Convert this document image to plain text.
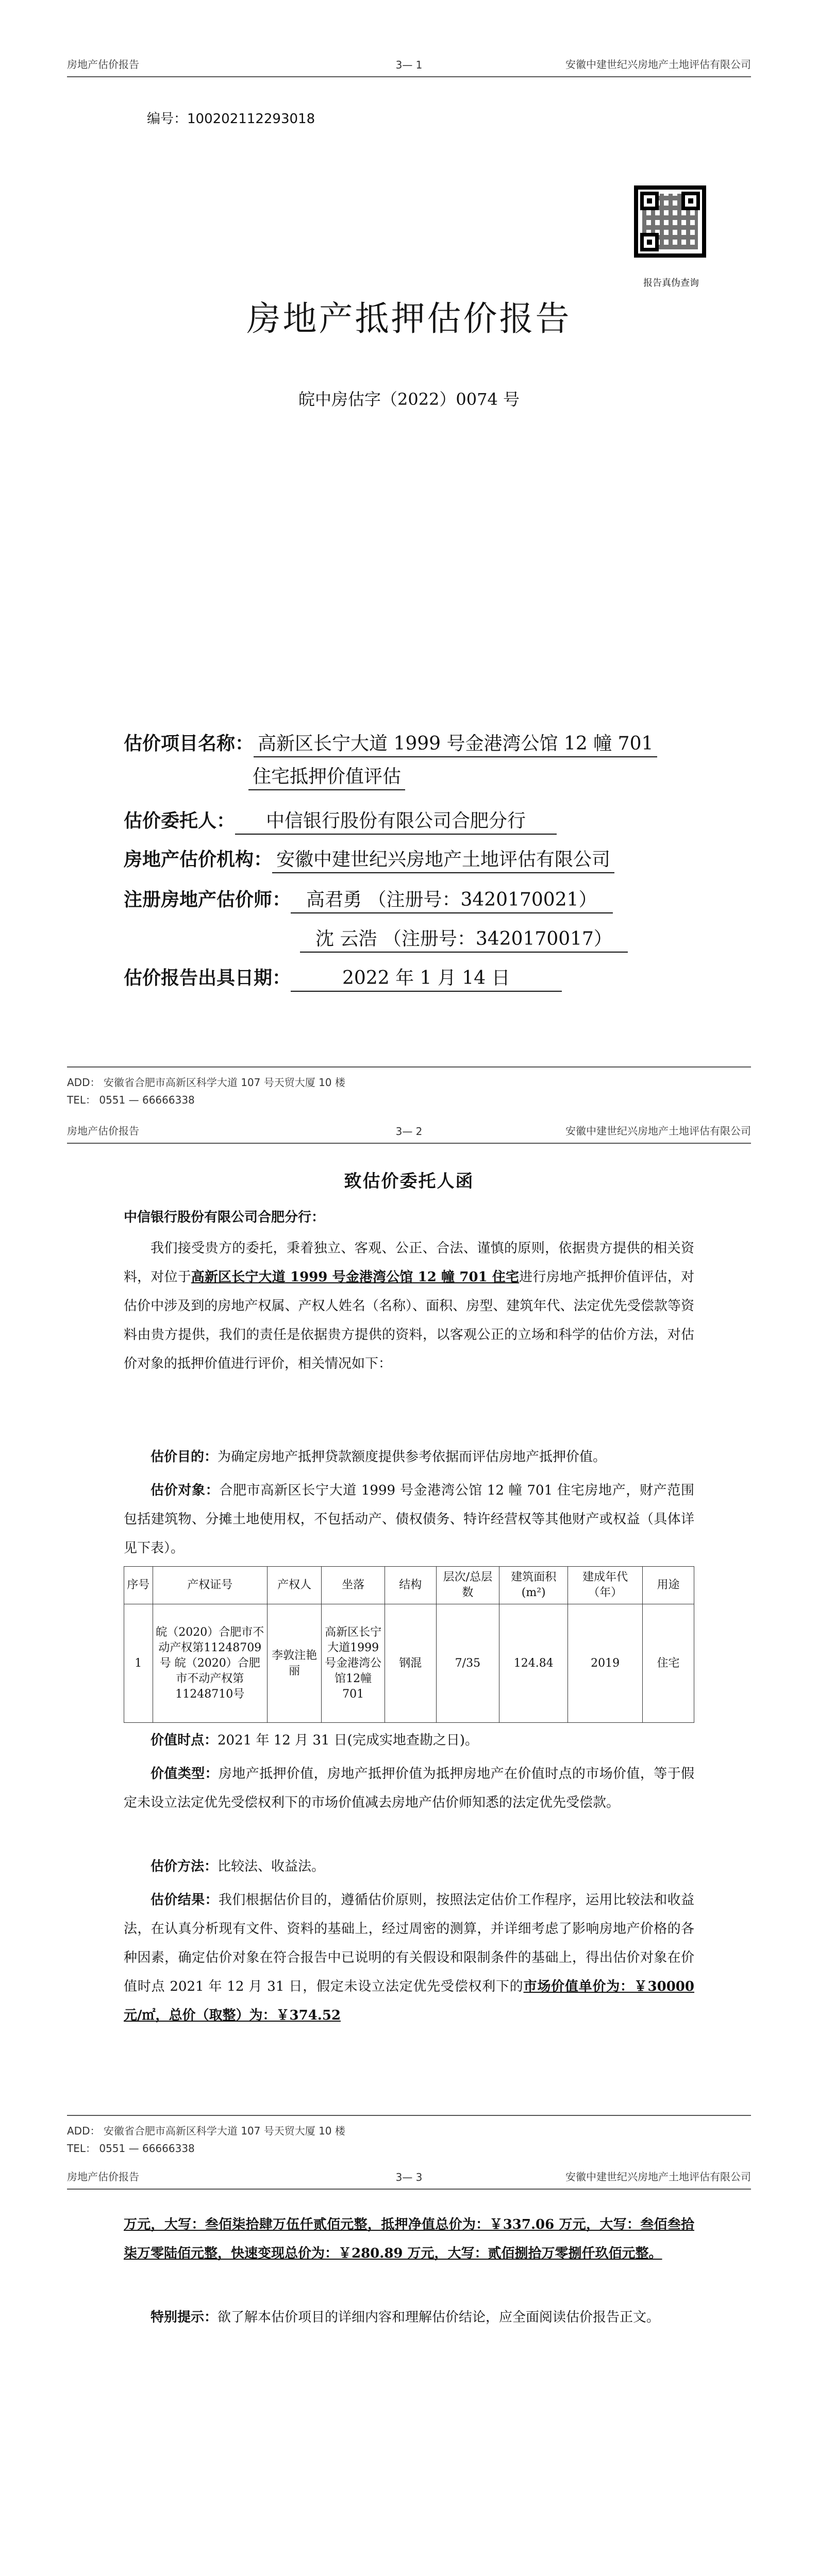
房地产估价报告	3— 1	安徽中建世纪兴房地产土地评估有限公司
编号：100202112293018
报告真伪查询
房地产抵押估价报告
皖中房估字（2022）0074 号
估价项目名称： 高新区长宁大道 1999 号金港湾公馆 12 幢 701
住宅抵押价值评估
估价委托人： 中信银行股份有限公司合肥分行
房地产估价机构： 安徽中建世纪兴房地产土地评估有限公司
注册房地产估价师： 高君勇 （注册号：3420170021）
沈 云浩 （注册号：3420170017）
估价报告出具日期：	2022 年 1 月 14 日
ADD： 安徽省合肥市高新区科学大道 107 号天贸大厦 10 楼
TEL： 0551 — 66666338
房地产估价报告	3— 2	安徽中建世纪兴房地产土地评估有限公司
致估价委托人函
中信银行股份有限公司合肥分行：
我们接受贵方的委托，秉着独立、客观、公正、合法、谨慎的原则，依据贵方提供的相关资料，对位于高新区长宁大道 1999 号金港湾公馆 12 幢 701 住宅进行房地产抵押价值评估，对估价中涉及到的房地产权属、产权人姓名（名称）、面积、房型、建筑年代、法定优先受偿款等资料由贵方提供，我们的责任是依据贵方提供的资料，以客观公正的立场和科学的估价方法，对估价对象的抵押价值进行评价，相关情况如下：
估价目的：为确定房地产抵押贷款额度提供参考依据而评估房地产抵押价值。
估价对象：合肥市高新区长宁大道 1999 号金港湾公馆 12 幢 701 住宅房地产，财产范围包括建筑物、分摊土地使用权，不包括动产、债权债务、特许经营权等其他财产或权益（具体详见下表）。
序号	产权证号	产权人	坐落	结构	层次/总层数	建筑面积(m²)	建成年代（年）	用途
1	皖（2020）合肥市不动产权第11248709号 皖（2020）合肥市不动产权第11248710号	李敦注艳丽	高新区长宁大道1999号金港湾公馆12幢701	钢混	7/35	124.84	2019	住宅
价值时点：2021 年 12 月 31 日(完成实地查勘之日)。
价值类型：房地产抵押价值，房地产抵押价值为抵押房地产在价值时点的市场价值，等于假定未设立法定优先受偿权利下的市场价值减去房地产估价师知悉的法定优先受偿款。
估价方法：比较法、收益法。
估价结果：我们根据估价目的，遵循估价原则，按照法定估价工作程序，运用比较法和收益法，在认真分析现有文件、资料的基础上，经过周密的测算，并详细考虑了影响房地产价格的各种因素，确定估价对象在符合报告中已说明的有关假设和限制条件的基础上，得出估价对象在价值时点 2021 年 12 月 31 日，假定未设立法定优先受偿权利下的市场价值单价为：￥30000 元/㎡，总价（取整）为：￥374.52
ADD： 安徽省合肥市高新区科学大道 107 号天贸大厦 10 楼
TEL： 0551 — 66666338
房地产估价报告	3— 3	安徽中建世纪兴房地产土地评估有限公司
万元，大写：叁佰柒拾肆万伍仟贰佰元整，抵押净值总价为：￥337.06 万元，大写：叁佰叁拾柒万零陆佰元整，快速变现总价为：￥280.89 万元，大写：贰佰捌拾万零捌仟玖佰元整。
特别提示：欲了解本估价项目的详细内容和理解估价结论，应全面阅读估价报告正文。
